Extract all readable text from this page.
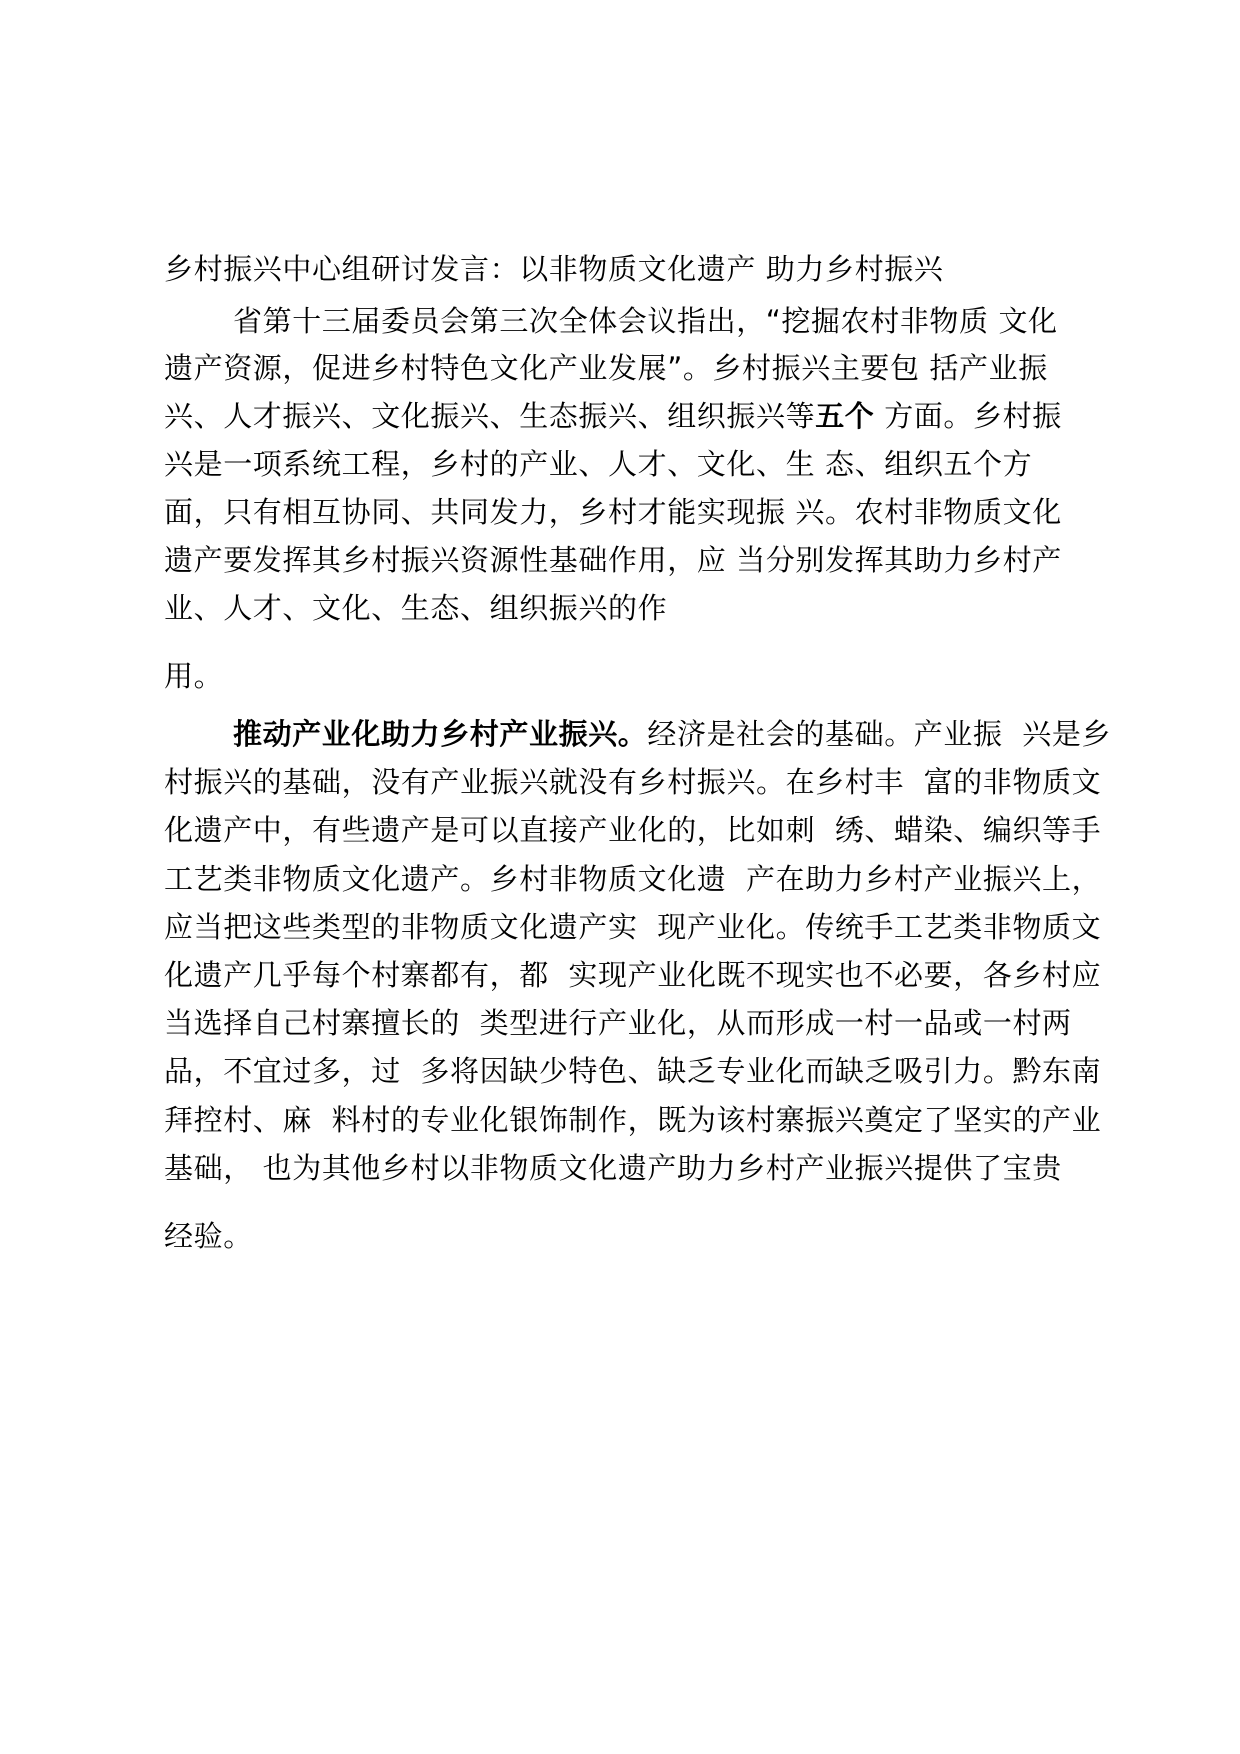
乡村振兴中心组研讨发言：以非物质文化遗产 助力乡村振兴
省第十三届委员会第三次全体会议指出，“挖掘农村非物质 文化
遗产资源，促进乡村特色文化产业发展”。乡村振兴主要包 括产业振
兴、人才振兴、文化振兴、生态振兴、组织振兴等五个 方面。乡村振
兴是一项系统工程，乡村的产业、人才、文化、生 态、组织五个方
面，只有相互协同、共同发力，乡村才能实现振 兴。农村非物质文化
遗产要发挥其乡村振兴资源性基础作用，应 当分别发挥其助力乡村产
业、人才、文化、生态、组织振兴的作
用。
推动产业化助力乡村产业振兴。经济是社会的基础。产业振  兴是乡
村振兴的基础，没有产业振兴就没有乡村振兴。在乡村丰  富的非物质文
化遗产中，有些遗产是可以直接产业化的，比如刺  绣、蜡染、编织等手
工艺类非物质文化遗产。乡村非物质文化遗  产在助力乡村产业振兴上，
应当把这些类型的非物质文化遗产实  现产业化。传统手工艺类非物质文
化遗产几乎每个村寨都有，都  实现产业化既不现实也不必要，各乡村应
当选择自己村寨擅长的  类型进行产业化，从而形成一村一品或一村两
品，不宜过多，过  多将因缺少特色、缺乏专业化而缺乏吸引力。黔东南
拜控村、麻  料村的专业化银饰制作，既为该村寨振兴奠定了坚实的产业
基础， 也为其他乡村以非物质文化遗产助力乡村产业振兴提供了宝贵
经验。
